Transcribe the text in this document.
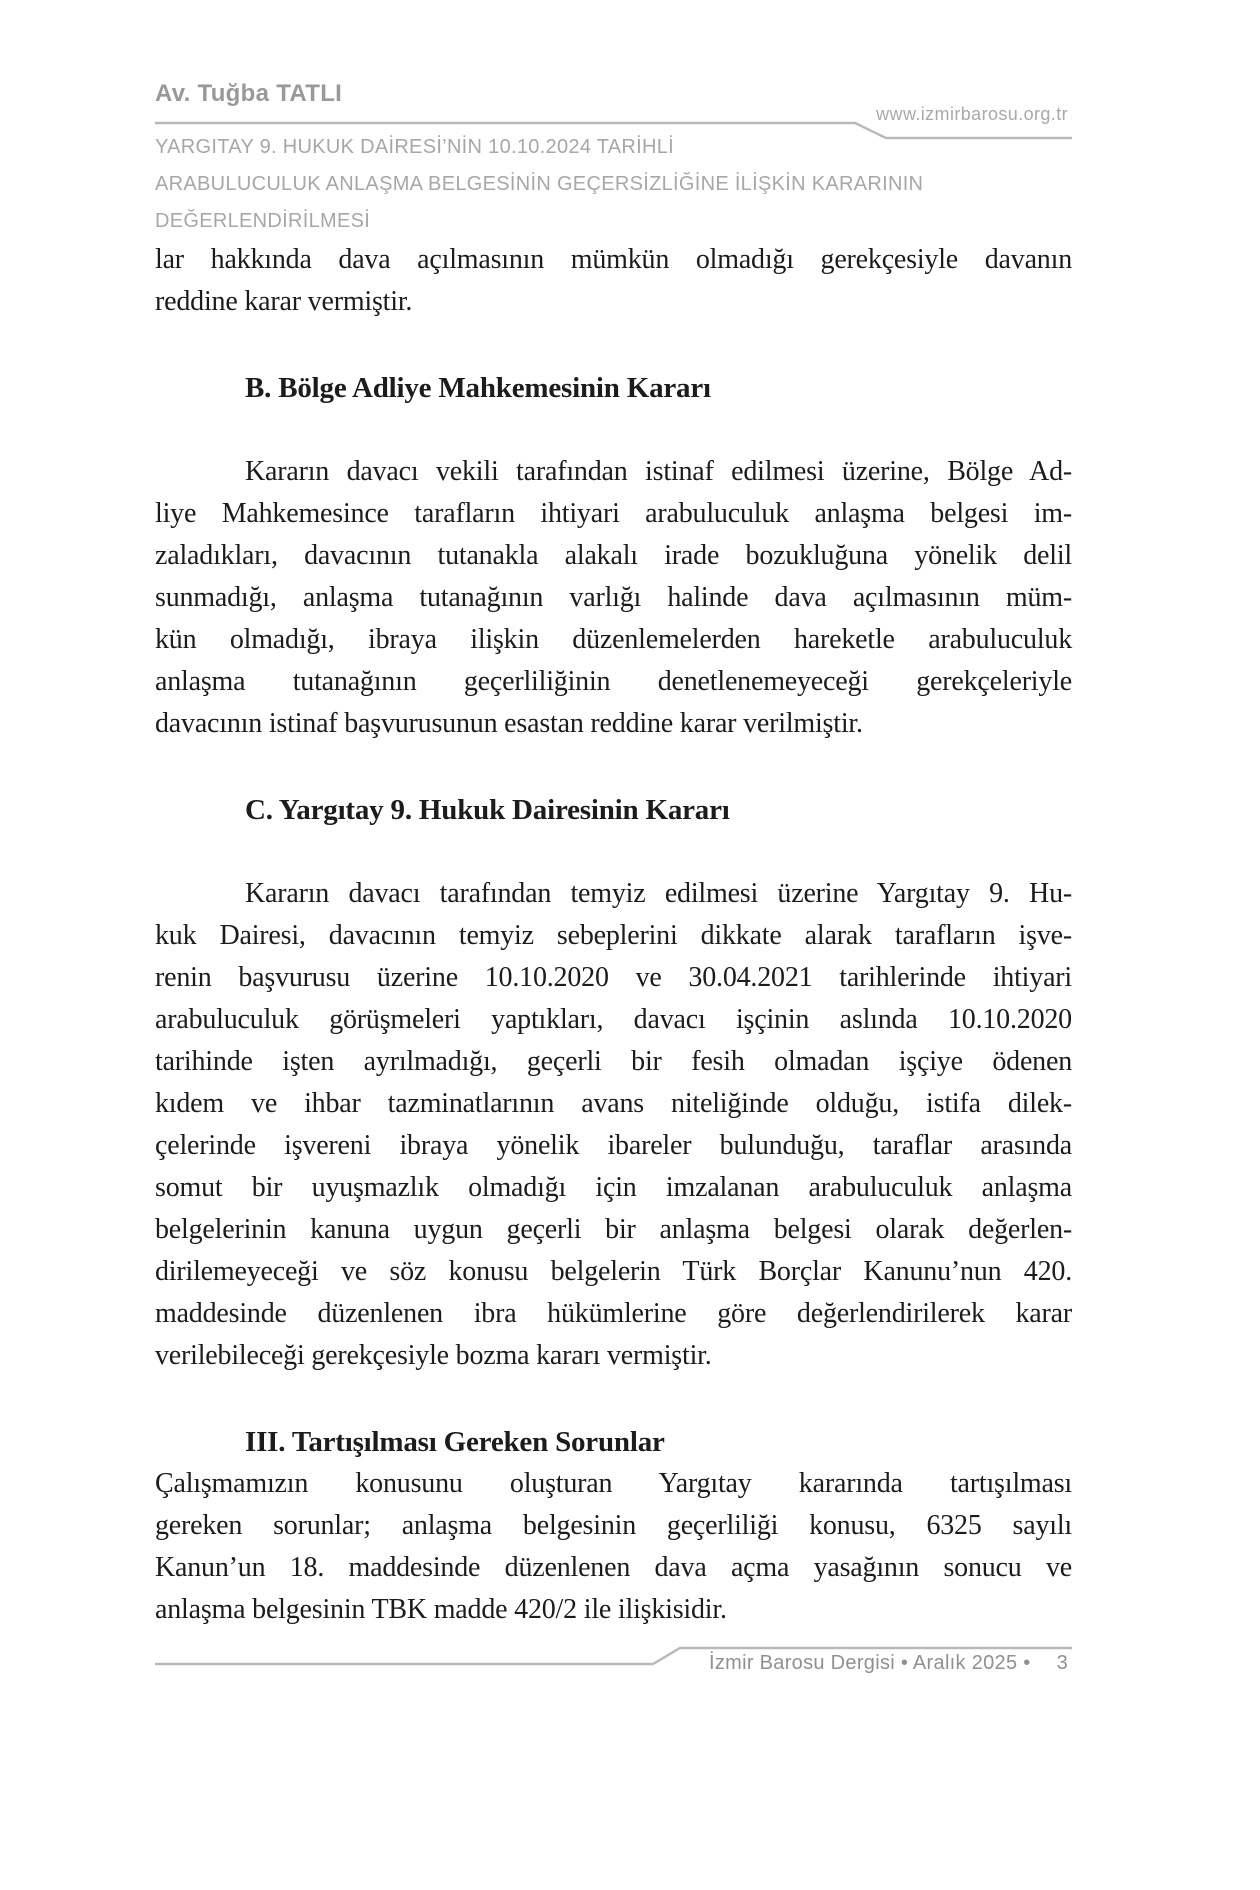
Av. Tuğba TATLI
www.izmirbarosu.org.tr
YARGITAY 9. HUKUK DAİRESİ’NİN 10.10.2024 TARİHLİ
ARABULUCULUK ANLAŞMA BELGESİNİN GEÇERSİZLİĞİNE İLİŞKİN KARARININ
DEĞERLENDİRİLMESİ
lar hakkında dava açılmasının mümkün olmadığı gerekçesiyle davanın
reddine karar vermiştir.
B. Bölge Adliye Mahkemesinin Kararı
Kararın davacı vekili tarafından istinaf edilmesi üzerine, Bölge Ad-
liye Mahkemesince tarafların ihtiyari arabuluculuk anlaşma belgesi im-
zaladıkları, davacının tutanakla alakalı irade bozukluğuna yönelik delil
sunmadığı, anlaşma tutanağının varlığı halinde dava açılmasının müm-
kün olmadığı, ibraya ilişkin düzenlemelerden hareketle arabuluculuk
anlaşma tutanağının geçerliliğinin denetlenemeyeceği gerekçeleriyle
davacının istinaf başvurusunun esastan reddine karar verilmiştir.
C. Yargıtay 9. Hukuk Dairesinin Kararı
Kararın davacı tarafından temyiz edilmesi üzerine Yargıtay 9. Hu-
kuk Dairesi, davacının temyiz sebeplerini dikkate alarak tarafların işve-
renin başvurusu üzerine 10.10.2020 ve 30.04.2021 tarihlerinde ihtiyari
arabuluculuk görüşmeleri yaptıkları, davacı işçinin aslında 10.10.2020
tarihinde işten ayrılmadığı, geçerli bir fesih olmadan işçiye ödenen
kıdem ve ihbar tazminatlarının avans niteliğinde olduğu, istifa dilek-
çelerinde işvereni ibraya yönelik ibareler bulunduğu, taraflar arasında
somut bir uyuşmazlık olmadığı için imzalanan arabuluculuk anlaşma
belgelerinin kanuna uygun geçerli bir anlaşma belgesi olarak değerlen-
dirilemeyeceği ve söz konusu belgelerin Türk Borçlar Kanunu’nun 420.
maddesinde düzenlenen ibra hükümlerine göre değerlendirilerek karar
verilebileceği gerekçesiyle bozma kararı vermiştir.
III. Tartışılması Gereken Sorunlar
Çalışmamızın konusunu oluşturan Yargıtay kararında tartışılması
gereken sorunlar; anlaşma belgesinin geçerliliği konusu, 6325 sayılı
Kanun’un 18. maddesinde düzenlenen dava açma yasağının sonucu ve
anlaşma belgesinin TBK madde 420/2 ile ilişkisidir.
İzmir Barosu Dergisi • Aralık 2025 • 3
